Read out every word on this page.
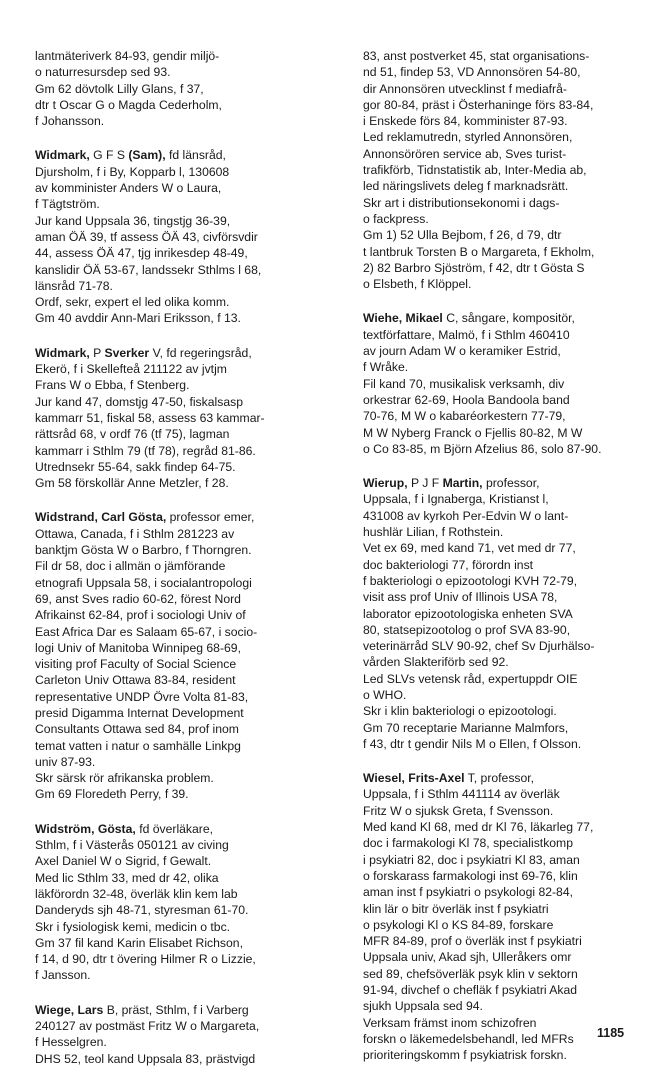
lantmäteriverk 84-93, gendir miljö-
o naturresursdep sed 93.
Gm 62 dövtolk Lilly Glans, f 37,
dtr t Oscar G o Magda Cederholm,
f Johansson.
Widmark, G F S (Sam), fd länsråd,
Djursholm, f i By, Kopparb l, 130608
av komminister Anders W o Laura,
f Tägtström.
Jur kand Uppsala 36, tingstjg 36-39,
aman ÖÄ 39, tf assess ÖÄ 43, civförsvdir
44, assess ÖÄ 47, tjg inrikesdep 48-49,
kanslidir ÖÄ 53-67, landssekr Sthlms l 68,
länsråd 71-78.
Ordf, sekr, expert el led olika komm.
Gm 40 avddir Ann-Mari Eriksson, f 13.
Widmark, P Sverker V, fd regeringsråd,
Ekerö, f i Skellefteå 211122 av jvtjm
Frans W o Ebba, f Stenberg.
Jur kand 47, domstjg 47-50, fiskalsasp
kammarr 51, fiskal 58, assess 63 kammar-
rättsråd 68, v ordf 76 (tf 75), lagman
kammarr i Sthlm 79 (tf 78), regråd 81-86.
Utrednsekr 55-64, sakk findep 64-75.
Gm 58 förskollär Anne Metzler, f 28.
Widstrand, Carl Gösta, professor emer,
Ottawa, Canada, f i Sthlm 281223 av
banktjm Gösta W o Barbro, f Thorngren.
Fil dr 58, doc i allmän o jämförande
etnografi Uppsala 58, i socialantropologi
69, anst Sves radio 60-62, förest Nord
Afrikainst 62-84, prof i sociologi Univ of
East Africa Dar es Salaam 65-67, i socio-
logi Univ of Manitoba Winnipeg 68-69,
visiting prof Faculty of Social Science
Carleton Univ Ottawa 83-84, resident
representative UNDP Övre Volta 81-83,
presid Digamma Internat Development
Consultants Ottawa sed 84, prof inom
temat vatten i natur o samhälle Linkpg
univ 87-93.
Skr särsk rör afrikanska problem.
Gm 69 Floredeth Perry, f 39.
Widström, Gösta, fd överläkare,
Sthlm, f i Västerås 050121 av civing
Axel Daniel W o Sigrid, f Gewalt.
Med lic Sthlm 33, med dr 42, olika
läkförordn 32-48, överläk klin kem lab
Danderyds sjh 48-71, styresman 61-70.
Skr i fysiologisk kemi, medicin o tbc.
Gm 37 fil kand Karin Elisabet Richson,
f 14, d 90, dtr t övering Hilmer R o Lizzie,
f Jansson.
Wiege, Lars B, präst, Sthlm, f i Varberg
240127 av postmäst Fritz W o Margareta,
f Hesselgren.
DHS 52, teol kand Uppsala 83, prästvigd
83, anst postverket 45, stat organisations-
nd 51, findep 53, VD Annonsören 54-80,
dir Annonsören utvecklinst f mediafrå-
gor 80-84, präst i Österhaninge förs 83-84,
i Enskede förs 84, komminister 87-93.
Led reklamutredn, styrled Annonsören,
Annonsörören service ab, Sves turist-
trafikförb, Tidnstatistik ab, Inter-Media ab,
led näringslivets deleg f marknadsrätt.
Skr art i distributionsekonomi i dags-
o fackpress.
Gm 1) 52 Ulla Bejbom, f 26, d 79, dtr
t lantbruk Torsten B o Margareta, f Ekholm,
2) 82 Barbro Sjöström, f 42, dtr t Gösta S
o Elsbeth, f Klöppel.
Wiehe, Mikael C, sångare, kompositör,
textförfattare, Malmö, f i Sthlm 460410
av journ Adam W o keramiker Estrid,
f Wråke.
Fil kand 70, musikalisk verksamh, div
orkestrar 62-69, Hoola Bandoola band
70-76, M W o kabaréorkestern 77-79,
M W Nyberg Franck o Fjellis 80-82, M W
o Co 83-85, m Björn Afzelius 86, solo 87-90.
Wierup, P J F Martin, professor,
Uppsala, f i Ignaberga, Kristianst l,
431008 av kyrkoh Per-Edvin W o lant-
hushlär Lilian, f Rothstein.
Vet ex 69, med kand 71, vet med dr 77,
doc bakteriologi 77, förordn inst
f bakteriologi o epizootologi KVH 72-79,
visit ass prof Univ of Illinois USA 78,
laborator epizootologiska enheten SVA
80, statsepizootolog o prof SVA 83-90,
veterinärråd SLV 90-92, chef Sv Djurhälso-
vården Slakteriförb sed 92.
Led SLVs vetensk råd, expertuppdr OIE
o WHO.
Skr i klin bakteriologi o epizootologi.
Gm 70 receptarie Marianne Malmfors,
f 43, dtr t gendir Nils M o Ellen, f Olsson.
Wiesel, Frits-Axel T, professor,
Uppsala, f i Sthlm 441114 av överläk
Fritz W o sjuksk Greta, f Svensson.
Med kand Kl 68, med dr Kl 76, läkarleg 77,
doc i farmakologi Kl 78, specialistkomp
i psykiatri 82, doc i psykiatri Kl 83, aman
o forskarass farmakologi inst 69-76, klin
aman inst f psykiatri o psykologi 82-84,
klin lär o bitr överläk inst f psykiatri
o psykologi Kl o KS 84-89, forskare
MFR 84-89, prof o överläk inst f psykiatri
Uppsala univ, Akad sjh, Ulleråkers omr
sed 89, chefsöverläk psyk klin v sektorn
91-94, divchef o chefläk f psykiatri Akad
sjukh Uppsala sed 94.
Verksam främst inom schizofren
forskn o läkemedelsbehandl, led MFRs
prioriteringskomm f psykiatrisk forskn.
1185
